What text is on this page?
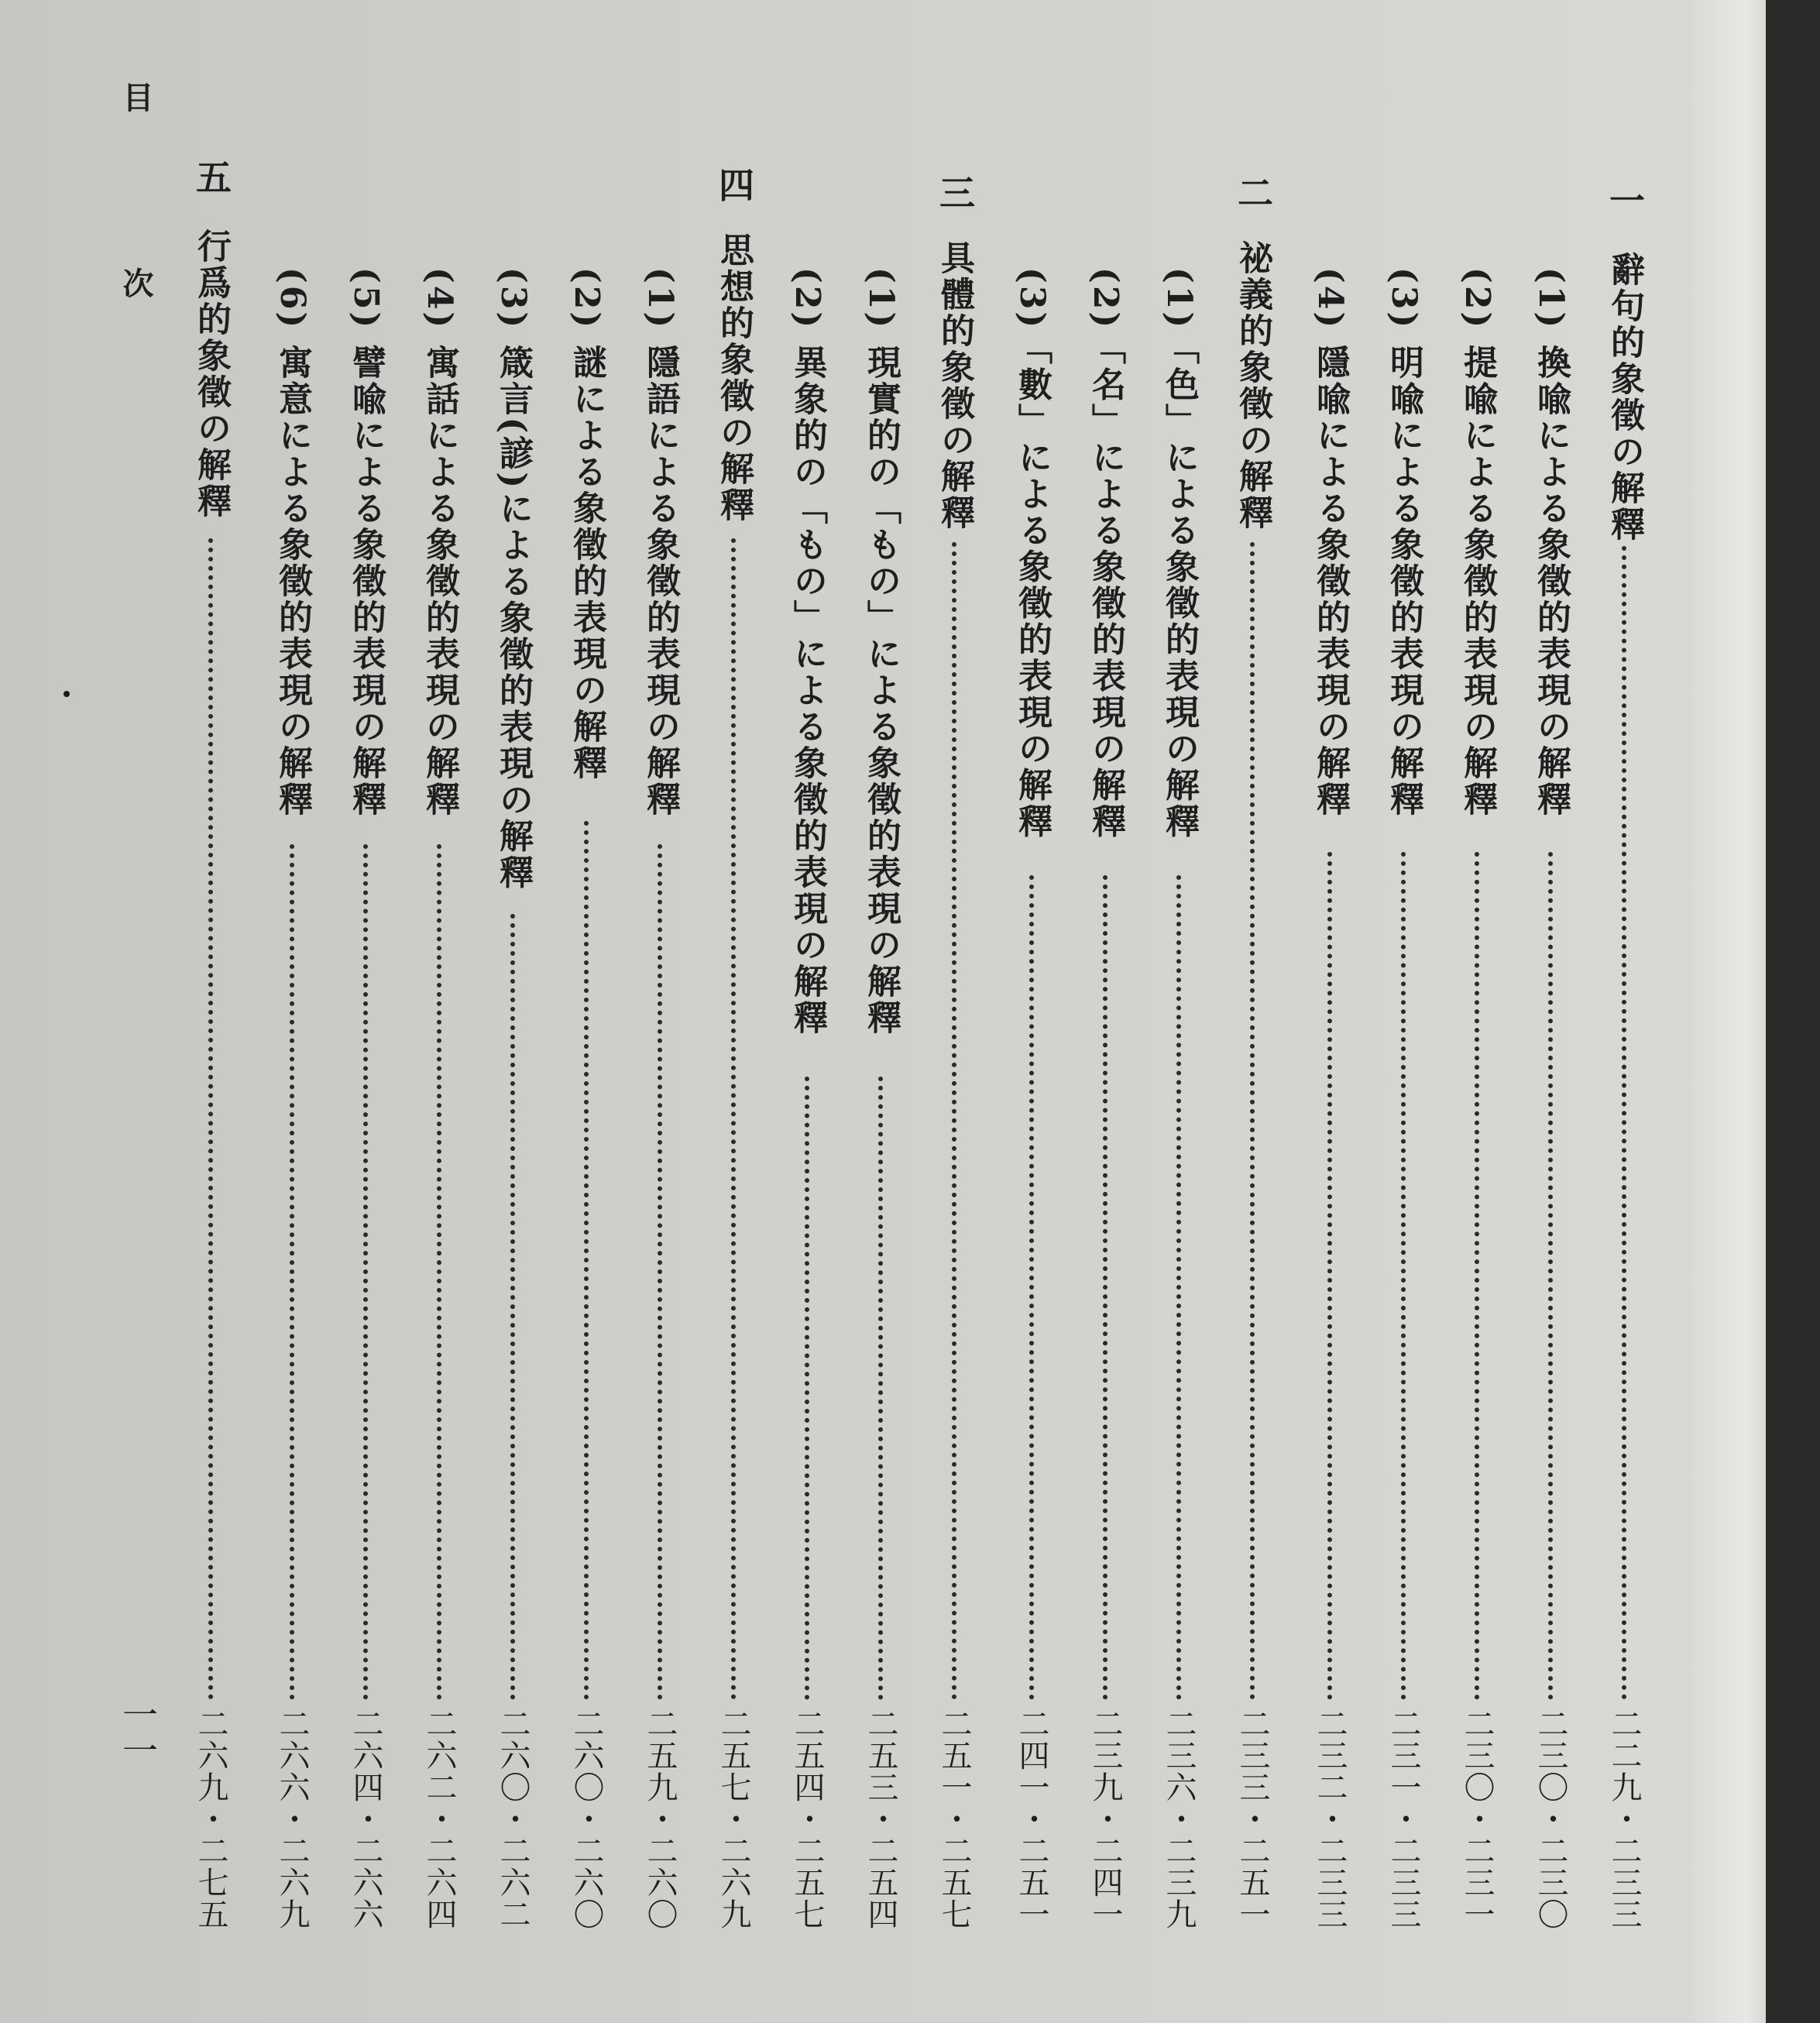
目
次
一一
一
辭句的象徵の解釋
二二九・二三三
(1) 換喩による象徵的表現の解釋
二三〇・二三〇
(2) 提喩による象徵的表現の解釋
二三〇・二三一
(3) 明喩による象徵的表現の解釋
二三一・二三三
(4) 隱喩による象徵的表現の解釋
二三二・二三三
二
祕義的象徵の解釋
二三三・二五一
(1)「色」による象徵的表現の解釋
二三六・二三九
(2)「名」による象徵的表現の解釋
二三九・二四一
(3)「數」による象徵的表現の解釋
二四一・二五一
三
具體的象徵の解釋
二五一・二五七
(1) 現實的の「もの」による象徵的表現の解釋
二五三・二五四
(2) 異象的の「もの」による象徵的表現の解釋
二五四・二五七
四
思想的象徵の解釋
二五七・二六九
(1) 隱語による象徵的表現の解釋
二五九・二六〇
(2) 謎による象徵的表現の解釋
二六〇・二六〇
(3) 箴言(諺)による象徵的表現の解釋
二六〇・二六二
(4) 寓話による象徵的表現の解釋
二六二・二六四
(5) 譬喩による象徵的表現の解釋
二六四・二六六
(6) 寓意による象徵的表現の解釋
二六六・二六九
五
行爲的象徵の解釋
二六九・二七五
